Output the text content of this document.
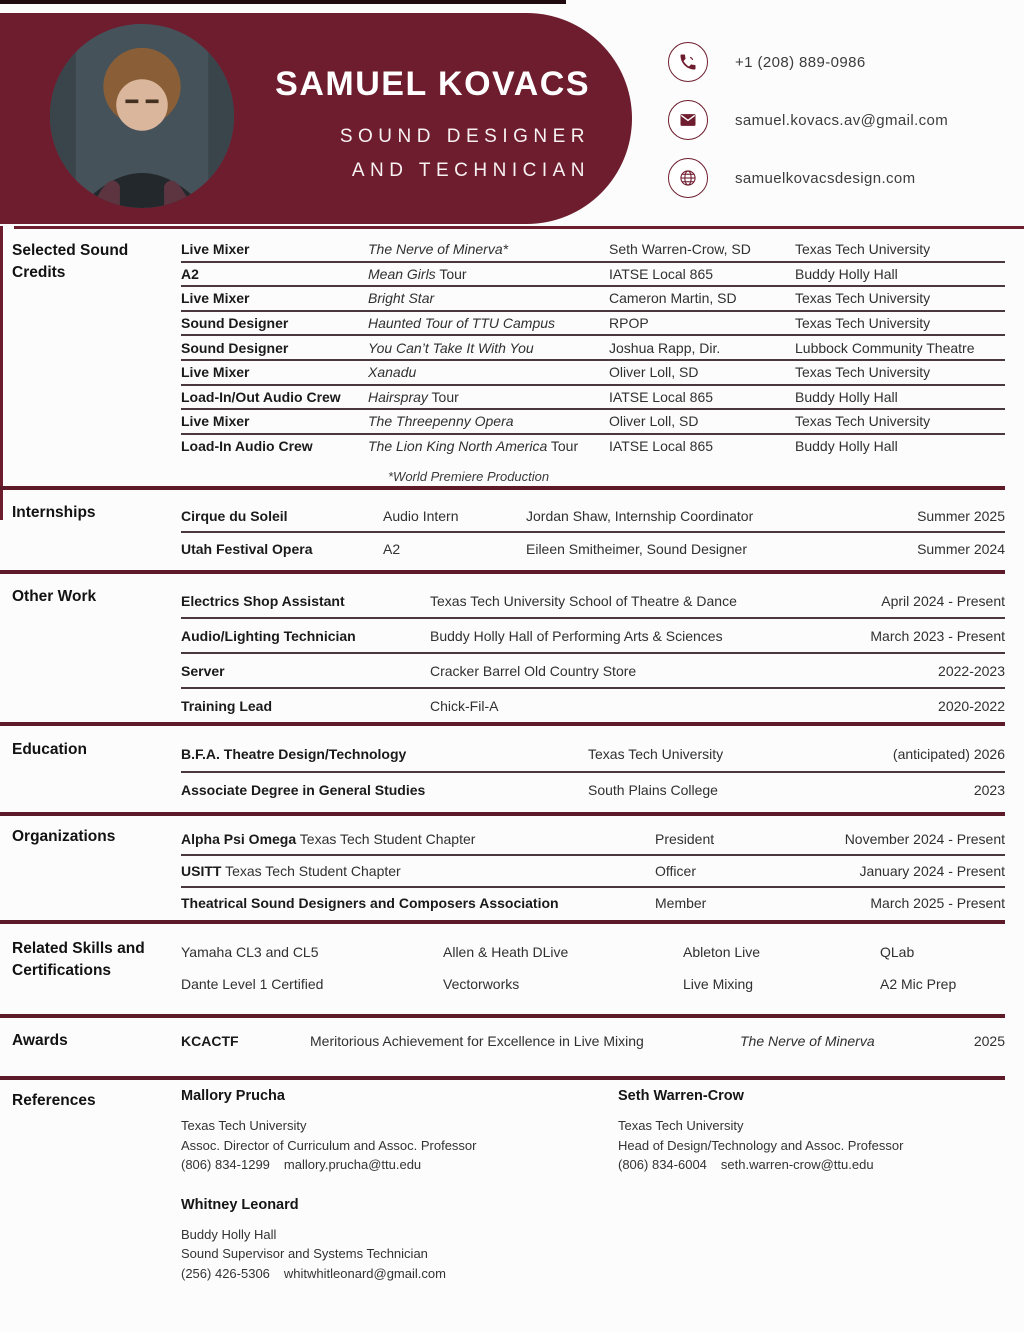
SAMUEL KOVACS
SOUND DESIGNER
AND TECHNICIAN
+1 (208) 889-0986
samuel.kovacs.av@gmail.com
samuelkovacsdesign.com
Selected Sound Credits
Live Mixer	The Nerve of Minerva*	Seth Warren-Crow, SD	Texas Tech University
A2	Mean Girls Tour	IATSE Local 865	Buddy Holly Hall
Live Mixer	Bright Star	Cameron Martin, SD	Texas Tech University
Sound Designer	Haunted Tour of TTU Campus	RPOP	Texas Tech University
Sound Designer	You Can’t Take It With You	Joshua Rapp, Dir.	Lubbock Community Theatre
Live Mixer	Xanadu	Oliver Loll, SD	Texas Tech University
Load-In/Out Audio Crew	Hairspray Tour	IATSE Local 865	Buddy Holly Hall
Live Mixer	The Threepenny Opera	Oliver Loll, SD	Texas Tech University
Load-In Audio Crew	The Lion King North America Tour	IATSE Local 865	Buddy Holly Hall
*World Premiere Production
Internships	Cirque du Soleil	Audio Intern	Jordan Shaw, Internship Coordinator	Summer 2025
Utah Festival Opera	A2	Eileen Smitheimer, Sound Designer	Summer 2024
Other Work	Electrics Shop Assistant	Texas Tech University School of Theatre & Dance	April 2024 - Present
Audio/Lighting Technician	Buddy Holly Hall of Performing Arts & Sciences	March 2023 - Present
Server	Cracker Barrel Old Country Store	2022-2023
Training Lead	Chick-Fil-A	2020-2022
Education	B.F.A. Theatre Design/Technology	Texas Tech University	(anticipated) 2026
Associate Degree in General Studies	South Plains College	2023
Organizations	Alpha Psi Omega Texas Tech Student Chapter	President	November 2024 - Present
USITT Texas Tech Student Chapter	Officer	January 2024 - Present
Theatrical Sound Designers and Composers Association	Member	March 2025 - Present
Related Skills and Certifications
Yamaha CL3 and CL5	Allen & Heath DLive	Ableton Live	QLab
Dante Level 1 Certified	Vectorworks	Live Mixing	A2 Mic Prep
Awards	KCACTF	Meritorious Achievement for Excellence in Live Mixing	The Nerve of Minerva	2025
References	Mallory Prucha
Texas Tech University
Assoc. Director of Curriculum and Assoc. Professor
(806) 834-1299 mallory.prucha@ttu.edu
Seth Warren-Crow
Texas Tech University
Head of Design/Technology and Assoc. Professor
(806) 834-6004 seth.warren-crow@ttu.edu
Whitney Leonard
Buddy Holly Hall
Sound Supervisor and Systems Technician
(256) 426-5306 whitwhitleonard@gmail.com
